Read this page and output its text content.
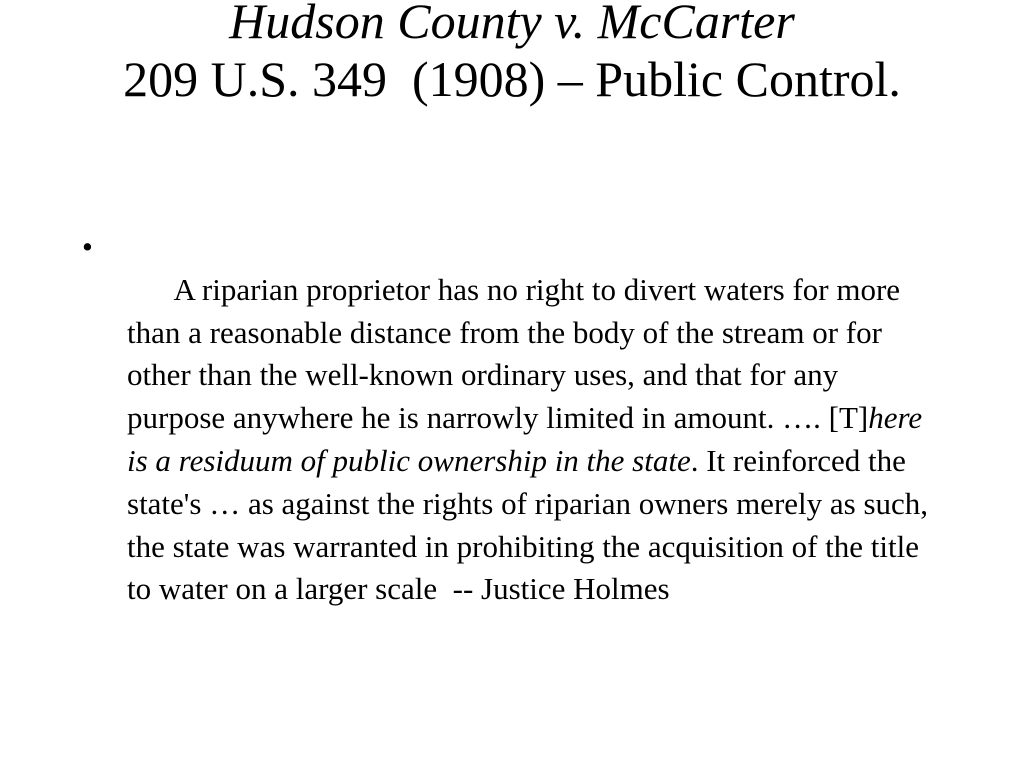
Hudson County v. McCarter
209 U.S. 349  (1908) – Public Control.

•
A riparian proprietor has no right to divert waters for more than a reasonable distance from the body of the stream or for other than the well-known ordinary uses, and that for any purpose anywhere he is narrowly limited in amount. …. [T]here is a residuum of public ownership in the state. It reinforced the state's … as against the rights of riparian owners merely as such, the state was warranted in prohibiting the acquisition of the title to water on a larger scale  -- Justice Holmes
